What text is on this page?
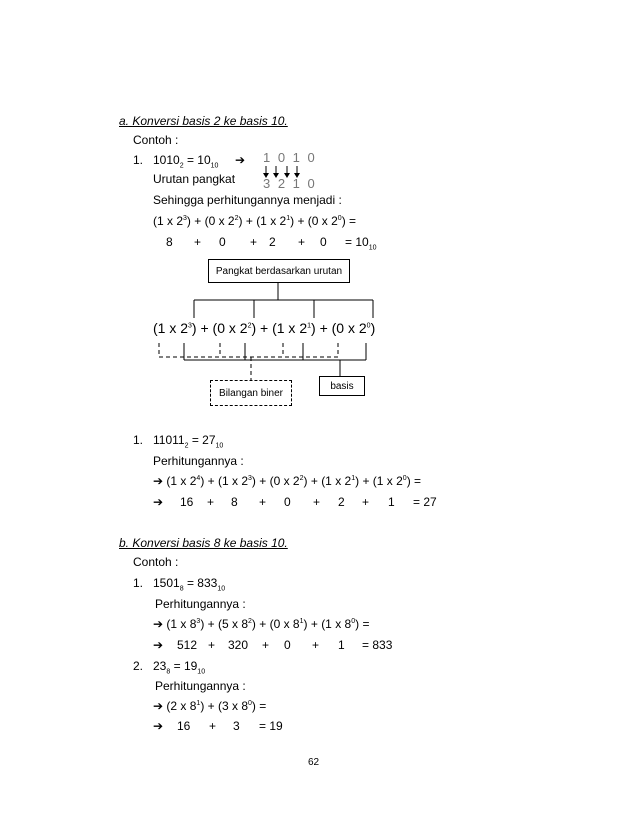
a. Konversi basis 2 ke basis 10.
Contoh :
1. $1010_2 = 10_{10}$ ➔ 1 0 1 0
3 2 1 0
Urutan pangkat
Sehingga perhitungannya menjadi :
(1 x $2^3) + (0$ x $2^2) + (1$ x $2^1) + (0$ x $2^0$) =
$8 + 0 + 2 + 0 = 10_{10}$
Pangkat berdasarkan urutan
(1 x $2^3) + (0$ x $2^2) + (1$ x $2^1) + (0$ x $2^0$)
Bilangan biner
basis
1. $11011_2 = 27_{10}$
Perhitungannya :
➔ (1 x $2^4) + (1$ x $2^3) + (0$ x $2^2) + (1$ x $2^1) + (1$ x $2^0$) =
➔ 16 + 8 + 0 + 2 + 1 = 27
b. Konversi basis 8 ke basis 10.
Contoh :
1. $1501_8 = 833_{10}$
Perhitungannya :
➔ (1 x $8^3) + (5$ x $8^2) + (0$ x $8^1) + (1$ x $8^0$) =
➔ 512 + 320 + 0 + 1 = 833
2. $23_8 = 19_{10}$
Perhitungannya :
➔ (2 x $8^1) + (3$ x $8^0$) =
➔ 16 + 3 = 19
62
